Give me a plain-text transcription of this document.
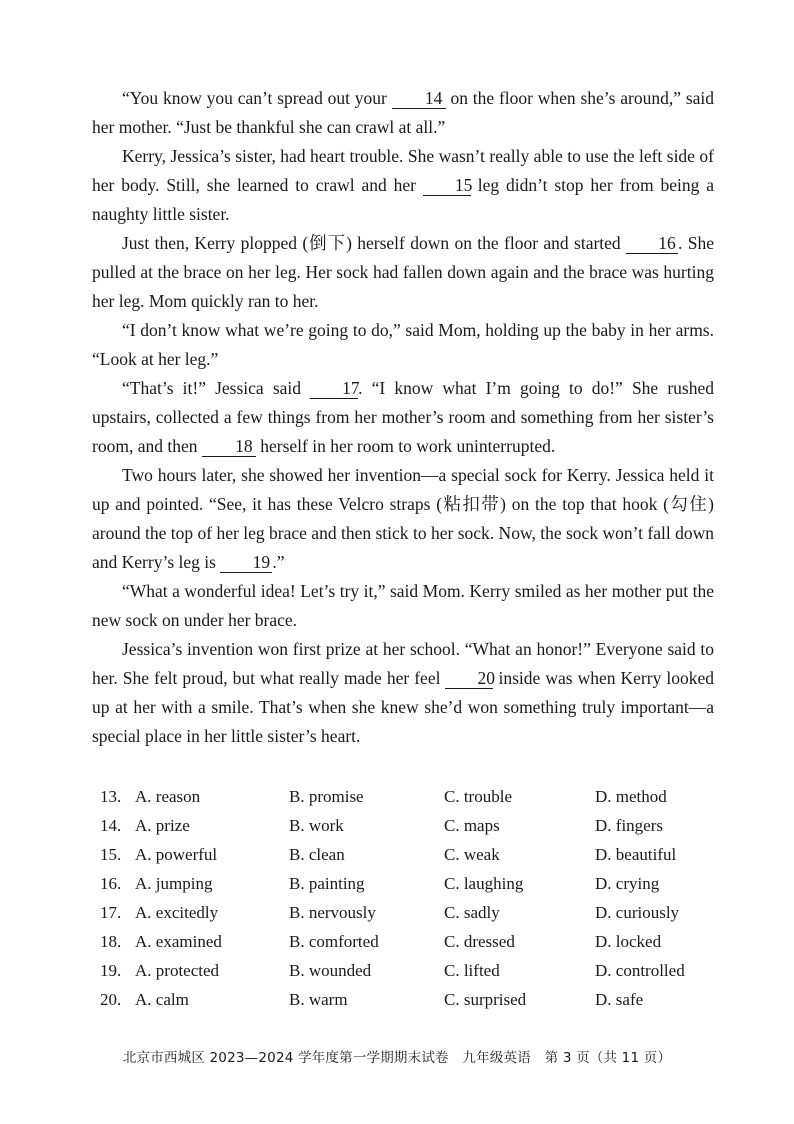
“You know you can’t spread out your 14 on the floor when she’s around,” said her mother. “Just be thankful she can crawl at all.”

Kerry, Jessica’s sister, had heart trouble. She wasn’t really able to use the left side of her body. Still, she learned to crawl and her 15 leg didn’t stop her from being a naughty little sister.

Just then, Kerry plopped (倒下) herself down on the floor and started 16 . She pulled at the brace on her leg. Her sock had fallen down again and the brace was hurting her leg. Mom quickly ran to her.

“I don’t know what we’re going to do,” said Mom, holding up the baby in her arms. “Look at her leg.”

“That’s it!” Jessica said 17. “I know what I’m going to do!” She rushed upstairs, collected a few things from her mother’s room and something from her sister’s room, and then 18 herself in her room to work uninterrupted.

Two hours later, she showed her invention—a special sock for Kerry. Jessica held it up and pointed. “See, it has these Velcro straps (粘扣带) on the top that hook (勾住) around the top of her leg brace and then stick to her sock. Now, the sock won’t fall down and Kerry’s leg is 19 .”

“What a wonderful idea! Let’s try it,” said Mom. Kerry smiled as her mother put the new sock on under her brace.

Jessica’s invention won first prize at her school. “What an honor!” Everyone said to her. She felt proud, but what really made her feel 20 inside was when Kerry looked up at her with a smile. That’s when she knew she’d won something truly important—a special place in her little sister’s heart.

13. A. reason	B. promise	C. trouble	D. method
14. A. prize	B. work	C. maps	D. fingers
15. A. powerful	B. clean	C. weak	D. beautiful
16. A. jumping	B. painting	C. laughing	D. crying
17. A. excitedly	B. nervously	C. sadly	D. curiously
18. A. examined	B. comforted	C. dressed	D. locked
19. A. protected	B. wounded	C. lifted	D. controlled
20. A. calm	B. warm	C. surprised	D. safe
北京市西城区 2023—2024 学年度第一学期期末试卷　九年级英语　第 3 页（共 11 页）
